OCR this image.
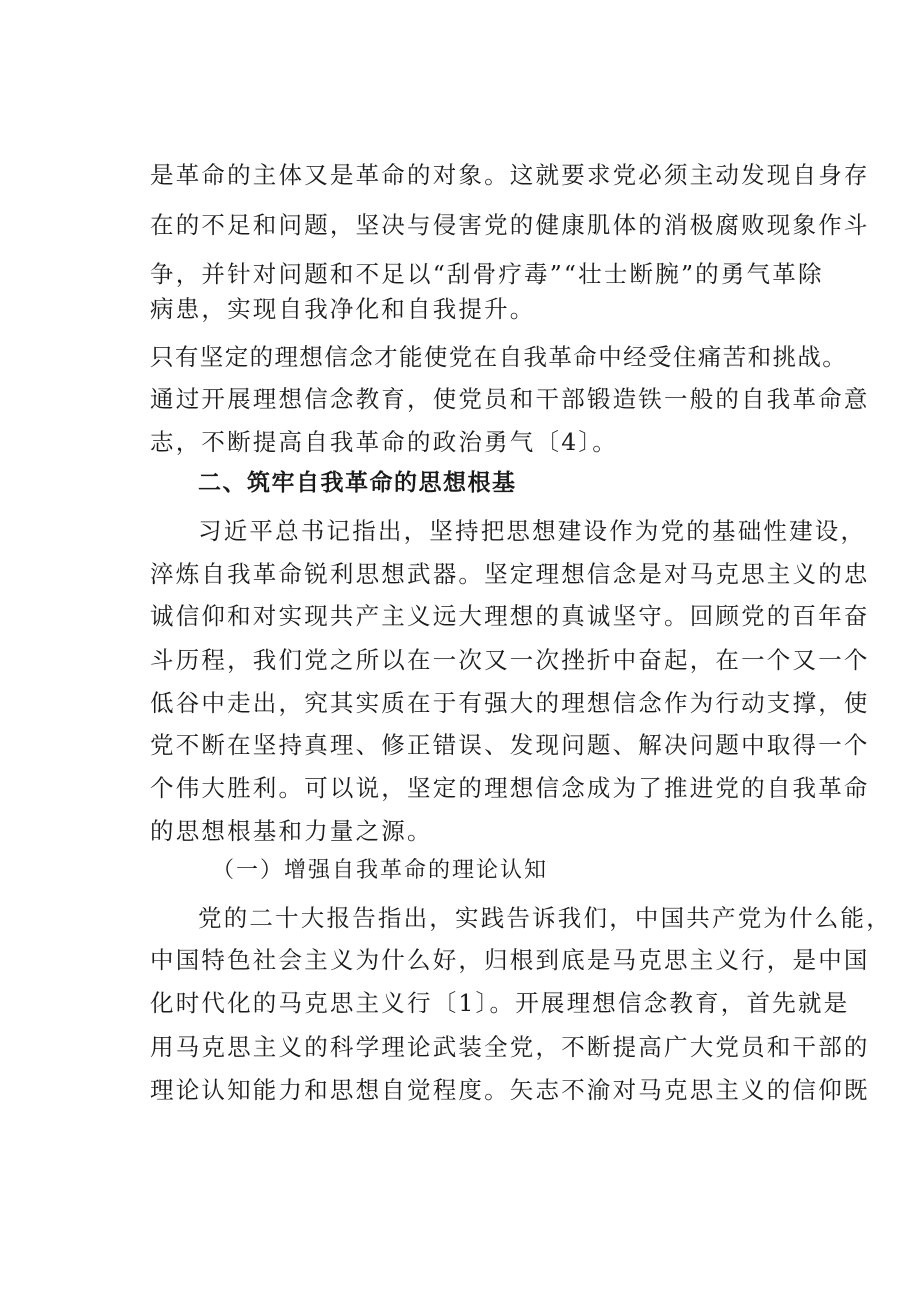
是革命的主体又是革命的对象。这就要求党必须主动发现自身存
在的不足和问题，坚决与侵害党的健康肌体的消极腐败现象作斗
争，并针对问题和不足以“刮骨疗毒”“壮士断腕”的勇气革除
病患，实现自我净化和自我提升。
只有坚定的理想信念才能使党在自我革命中经受住痛苦和挑战。
通过开展理想信念教育，使党员和干部锻造铁一般的自我革命意
志，不断提高自我革命的政治勇气〔4〕。
二、筑牢自我革命的思想根基
习近平总书记指出，坚持把思想建设作为党的基础性建设，
淬炼自我革命锐利思想武器。坚定理想信念是对马克思主义的忠
诚信仰和对实现共产主义远大理想的真诚坚守。回顾党的百年奋
斗历程，我们党之所以在一次又一次挫折中奋起，在一个又一个
低谷中走出，究其实质在于有强大的理想信念作为行动支撑，使
党不断在坚持真理、修正错误、发现问题、解决问题中取得一个
个伟大胜利。可以说，坚定的理想信念成为了推进党的自我革命
的思想根基和力量之源。
（一）增强自我革命的理论认知
党的二十大报告指出，实践告诉我们，中国共产党为什么能，
中国特色社会主义为什么好，归根到底是马克思主义行，是中国
化时代化的马克思主义行〔1〕。开展理想信念教育，首先就是
用马克思主义的科学理论武装全党，不断提高广大党员和干部的
理论认知能力和思想自觉程度。矢志不渝对马克思主义的信仰既
